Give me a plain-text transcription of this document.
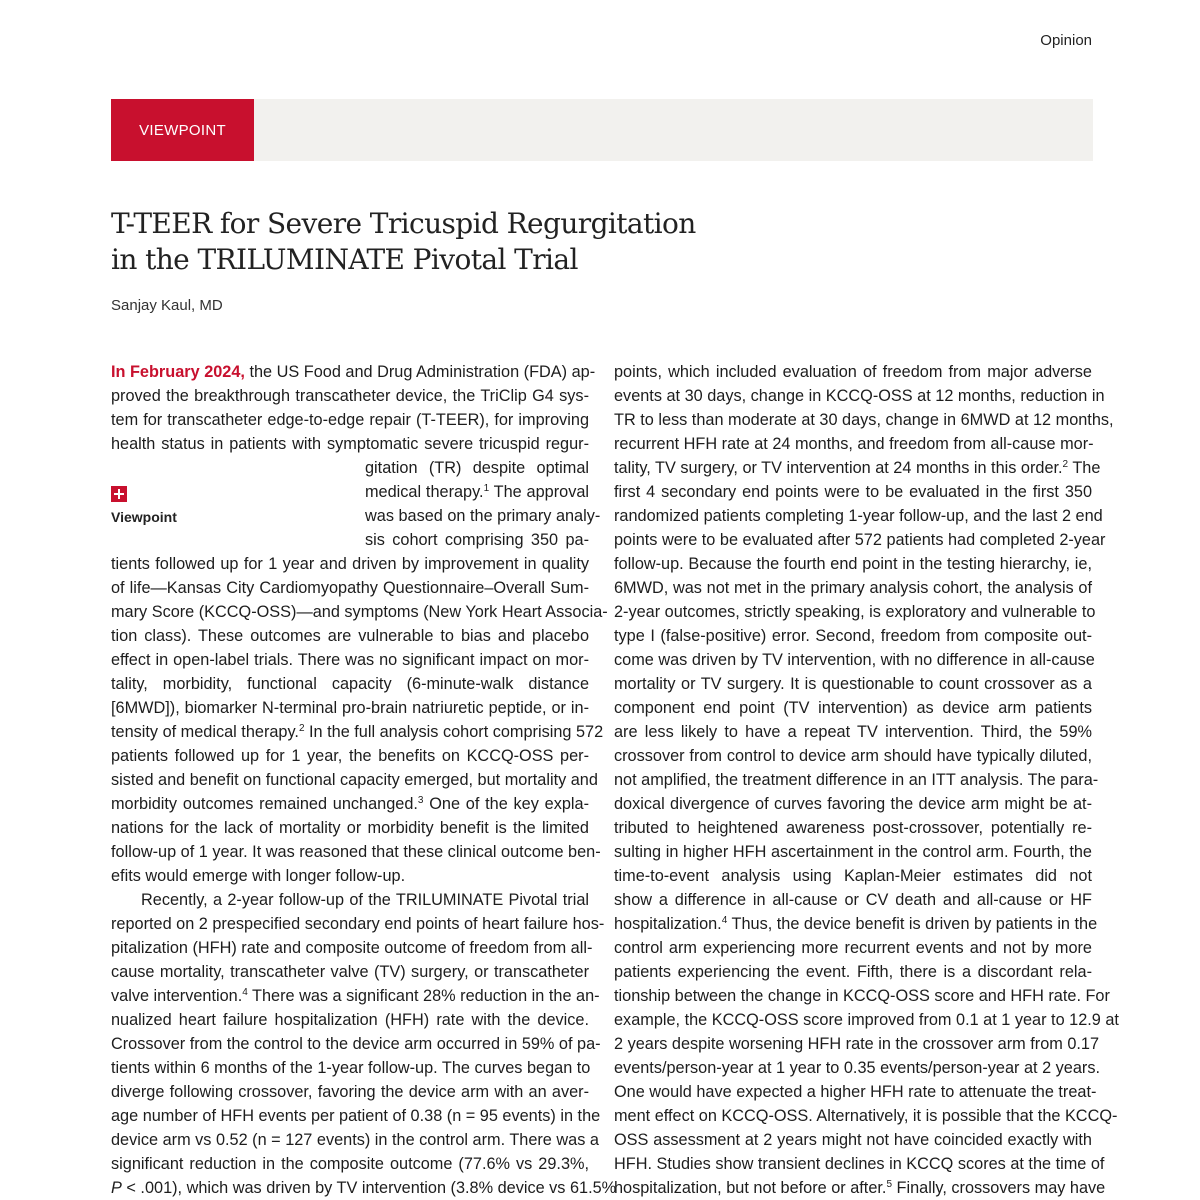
Opinion
VIEWPOINT
T-TEER for Severe Tricuspid Regurgitation
in the TRILUMINATE Pivotal Trial
Sanjay Kaul, MD
Viewpoint
In February 2024, the US Food and Drug Administration (FDA) ap-
proved the breakthrough transcatheter device, the TriClip G4 sys-
tem for transcatheter edge-to-edge repair (T-TEER), for improving
health status in patients with symptomatic severe tricuspid regur-
gitation (TR) despite optimal
medical therapy.$^1$ The approval
was based on the primary analy-
sis cohort comprising 350 pa-
tients followed up for 1 year and driven by improvement in quality
of life—Kansas City Cardiomyopathy Questionnaire–Overall Sum-
mary Score (KCCQ-OSS)—and symptoms (New York Heart Associa-
tion class). These outcomes are vulnerable to bias and placebo
effect in open-label trials. There was no significant impact on mor-
tality, morbidity, functional capacity (6-minute-walk distance
[6MWD]), biomarker N-terminal pro-brain natriuretic peptide, or in-
tensity of medical therapy.$^2$ In the full analysis cohort comprising 572
patients followed up for 1 year, the benefits on KCCQ-OSS per-
sisted and benefit on functional capacity emerged, but mortality and
morbidity outcomes remained unchanged.$^3$ One of the key expla-
nations for the lack of mortality or morbidity benefit is the limited
follow-up of 1 year. It was reasoned that these clinical outcome ben-
efits would emerge with longer follow-up.
Recently, a 2-year follow-up of the TRILUMINATE Pivotal trial
reported on 2 prespecified secondary end points of heart failure hos-
pitalization (HFH) rate and composite outcome of freedom from all-
cause mortality, transcatheter valve (TV) surgery, or transcatheter
valve intervention.$^4$ There was a significant 28% reduction in the an-
nualized heart failure hospitalization (HFH) rate with the device.
Crossover from the control to the device arm occurred in 59% of pa-
tients within 6 months of the 1-year follow-up. The curves began to
diverge following crossover, favoring the device arm with an aver-
age number of HFH events per patient of 0.38 (n = 95 events) in the
device arm vs 0.52 (n = 127 events) in the control arm. There was a
significant reduction in the composite outcome (77.6% vs 29.3%,
P < .001), which was driven by TV intervention (3.8% device vs 61.5%
points, which included evaluation of freedom from major adverse
events at 30 days, change in KCCQ-OSS at 12 months, reduction in
TR to less than moderate at 30 days, change in 6MWD at 12 months,
recurrent HFH rate at 24 months, and freedom from all-cause mor-
tality, TV surgery, or TV intervention at 24 months in this order.$^2$ The
first 4 secondary end points were to be evaluated in the first 350
randomized patients completing 1-year follow-up, and the last 2 end
points were to be evaluated after 572 patients had completed 2-year
follow-up. Because the fourth end point in the testing hierarchy, ie,
6MWD, was not met in the primary analysis cohort, the analysis of
2-year outcomes, strictly speaking, is exploratory and vulnerable to
type I (false-positive) error. Second, freedom from composite out-
come was driven by TV intervention, with no difference in all-cause
mortality or TV surgery. It is questionable to count crossover as a
component end point (TV intervention) as device arm patients
are less likely to have a repeat TV intervention. Third, the 59%
crossover from control to device arm should have typically diluted,
not amplified, the treatment difference in an ITT analysis. The para-
doxical divergence of curves favoring the device arm might be at-
tributed to heightened awareness post-crossover, potentially re-
sulting in higher HFH ascertainment in the control arm. Fourth, the
time-to-event analysis using Kaplan-Meier estimates did not
show a difference in all-cause or CV death and all-cause or HF
hospitalization.$^4$ Thus, the device benefit is driven by patients in the
control arm experiencing more recurrent events and not by more
patients experiencing the event. Fifth, there is a discordant rela-
tionship between the change in KCCQ-OSS score and HFH rate. For
example, the KCCQ-OSS score improved from 0.1 at 1 year to 12.9 at
2 years despite worsening HFH rate in the crossover arm from 0.17
events/person-year at 1 year to 0.35 events/person-year at 2 years.
One would have expected a higher HFH rate to attenuate the treat-
ment effect on KCCQ-OSS. Alternatively, it is possible that the KCCQ-
OSS assessment at 2 years might not have coincided exactly with
HFH. Studies show transient declines in KCCQ scores at the time of
hospitalization, but not before or after.$^5$ Finally, crossovers may have
